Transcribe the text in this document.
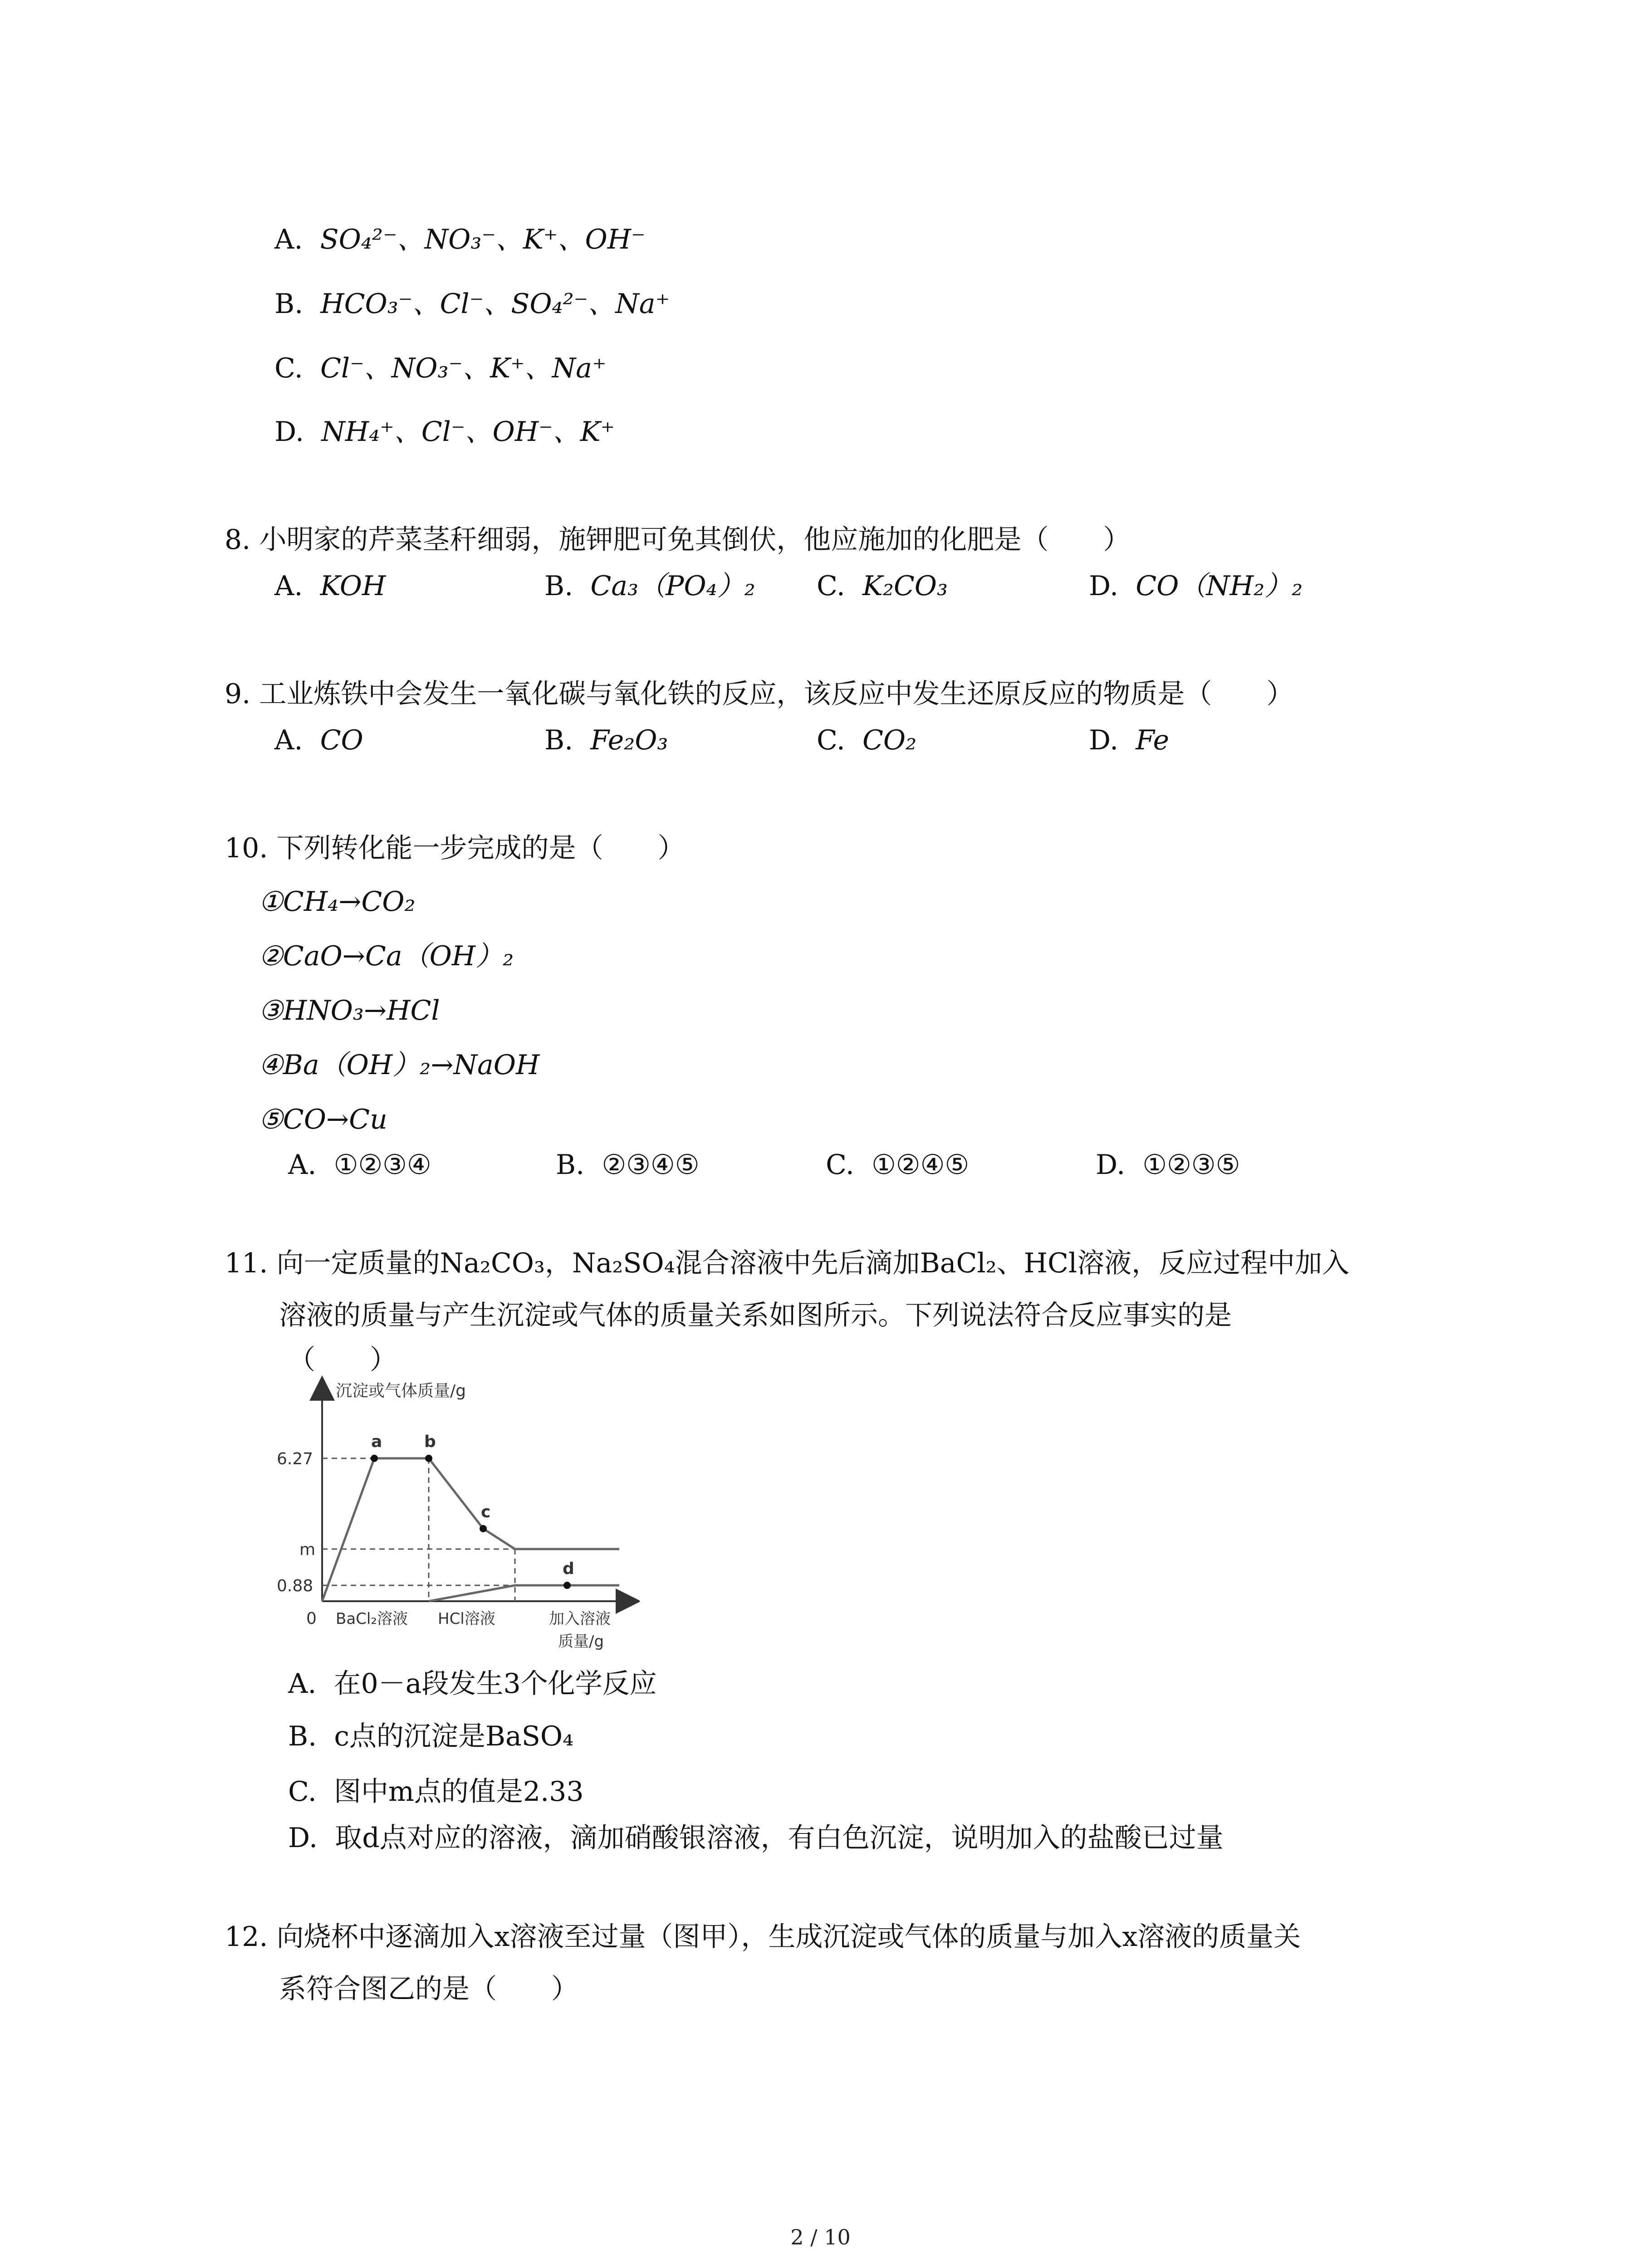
A. SO₄²⁻、NO₃⁻、K⁺、OH⁻
B. HCO₃⁻、Cl⁻、SO₄²⁻、Na⁺
C. Cl⁻、NO₃⁻、K⁺、Na⁺
D. NH₄⁺、Cl⁻、OH⁻、K⁺
8. 小明家的芹菜茎秆细弱，施钾肥可免其倒伏，他应施加的化肥是（　　）
A. KOH	B. Ca₃（PO₄）₂ C. K₂CO₃	D. CO（NH₂）₂
9. 工业炼铁中会发生一氧化碳与氧化铁的反应，该反应中发生还原反应的物质是（　　）
A. CO	B. Fe₂O₃	C. CO₂	D. Fe
10. 下列转化能一步完成的是（　　）
①CH₄→CO₂
②CaO→Ca（OH）₂
③HNO₃→HCl
④Ba（OH）₂→NaOH
⑤CO→Cu
A. ①②③④	B. ②③④⑤	C. ①②④⑤	D. ①②③⑤
11. 向一定质量的Na₂CO₃，Na₂SO₄混合溶液中先后滴加BaCl₂、HCl溶液，反应过程中加入
溶液的质量与产生沉淀或气体的质量关系如图所示。下列说法符合反应事实的是
（　　）
沉淀或气体质量/g
a	b
c
d
6.27
m
0.88
0 BaCl₂溶液 HCl溶液	加入溶液
质量/g
A. 在0－a段发生3个化学反应
B. c点的沉淀是BaSO₄
C. 图中m点的值是2.33
D. 取d点对应的溶液，滴加硝酸银溶液，有白色沉淀，说明加入的盐酸已过量
12. 向烧杯中逐滴加入x溶液至过量（图甲），生成沉淀或气体的质量与加入x溶液的质量关
系符合图乙的是（　　）
2 / 10
